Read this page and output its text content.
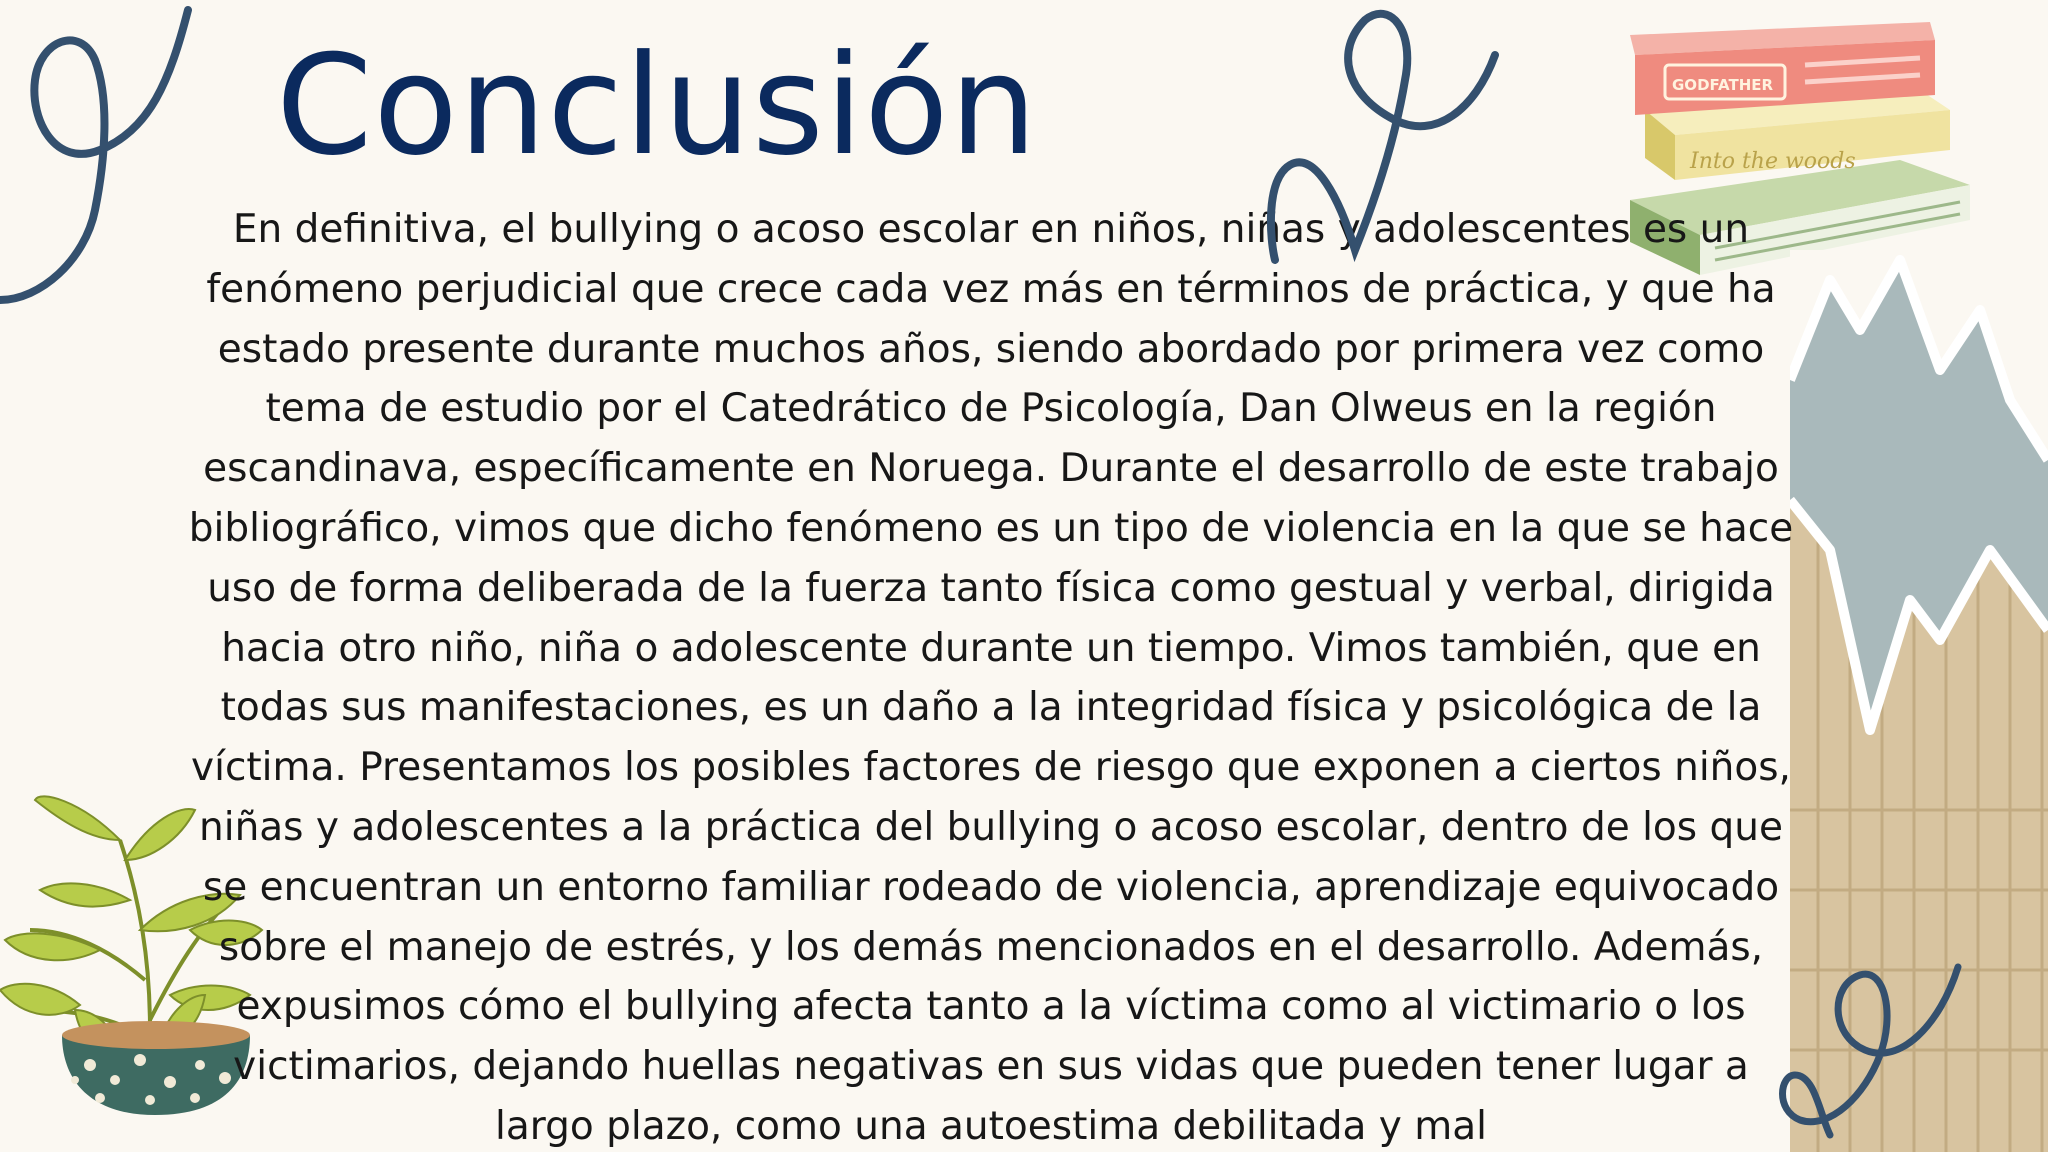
Into the woods
GODFATHER
Conclusión

En definitiva, el bullying o acoso escolar en niños, niñas y adolescentes es un fenómeno perjudicial que crece cada vez más en términos de práctica, y que ha estado presente durante muchos años, siendo abordado por primera vez como tema de estudio por el Catedrático de Psicología, Dan Olweus en la región escandinava, específicamente en Noruega. Durante el desarrollo de este trabajo bibliográfico, vimos que dicho fenómeno es un tipo de violencia en la que se hace uso de forma deliberada de la fuerza tanto física como gestual y verbal, dirigida hacia otro niño, niña o adolescente durante un tiempo. Vimos también, que en todas sus manifestaciones, es un daño a la integridad física y psicológica de la víctima. Presentamos los posibles factores de riesgo que exponen a ciertos niños, niñas y adolescentes a la práctica del bullying o acoso escolar, dentro de los que se encuentran un entorno familiar rodeado de violencia, aprendizaje equivocado sobre el manejo de estrés, y los demás mencionados en el desarrollo. Además, expusimos cómo el bullying afecta tanto a la víctima como al victimario o los victimarios, dejando huellas negativas en sus vidas que pueden tener lugar a largo plazo, como una autoestima debilitada y mal
